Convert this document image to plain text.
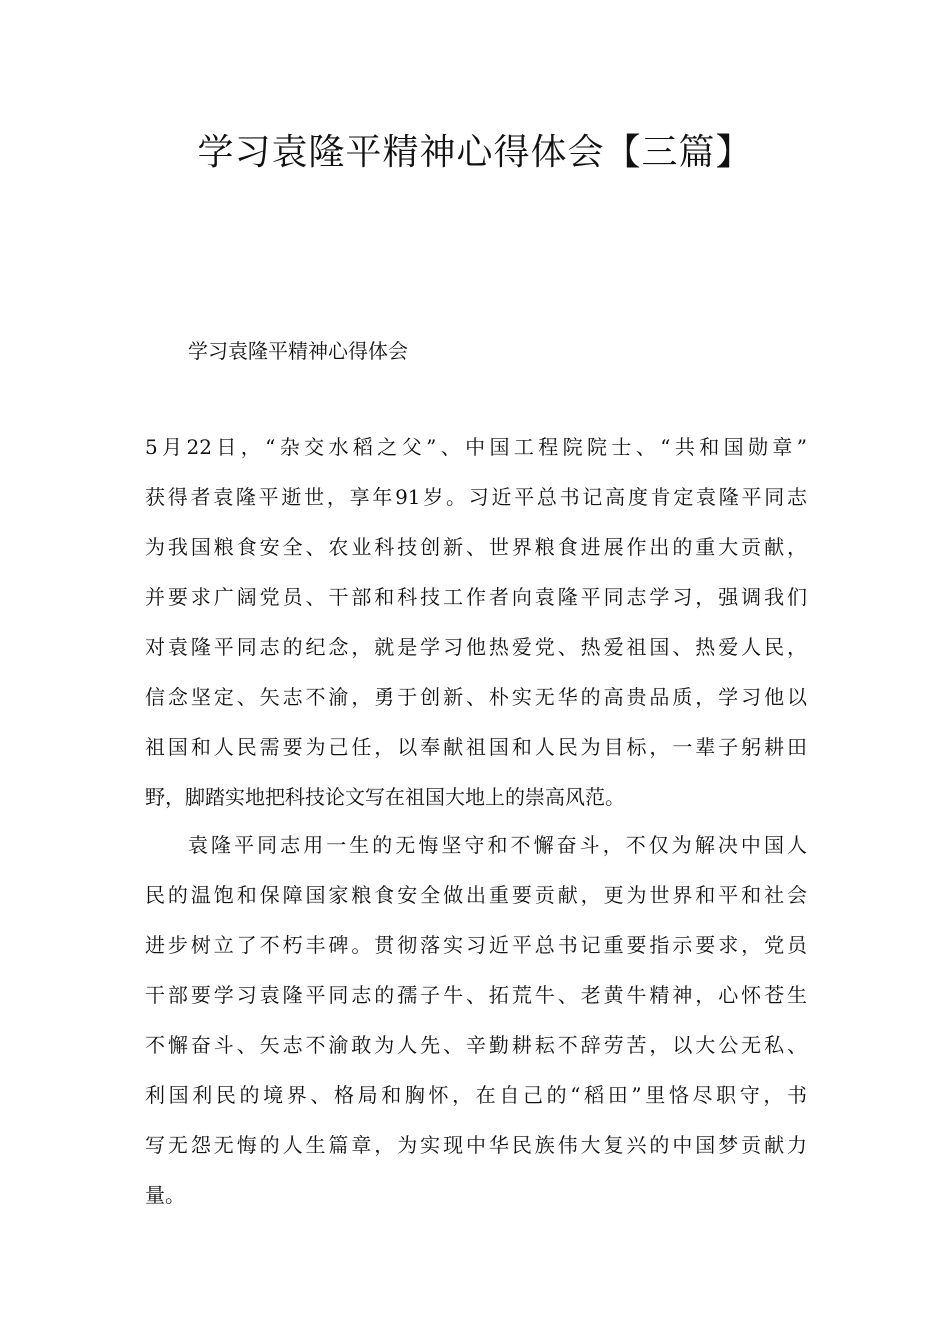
学习袁隆平精神心得体会【三篇】
学习袁隆平精神心得体会
5月22日，“杂交水稻之父”、中国工程院院士、“共和国勋章”
获得者袁隆平逝世，享年91岁。习近平总书记高度肯定袁隆平同志
为我国粮食安全、农业科技创新、世界粮食进展作出的重大贡献，
并要求广阔党员、干部和科技工作者向袁隆平同志学习，强调我们
对袁隆平同志的纪念，就是学习他热爱党、热爱祖国、热爱人民，
信念坚定、矢志不渝，勇于创新、朴实无华的高贵品质，学习他以
祖国和人民需要为己任，以奉献祖国和人民为目标，一辈子躬耕田
野，脚踏实地把科技论文写在祖国大地上的崇高风范。
袁隆平同志用一生的无悔坚守和不懈奋斗，不仅为解决中国人
民的温饱和保障国家粮食安全做出重要贡献，更为世界和平和社会
进步树立了不朽丰碑。贯彻落实习近平总书记重要指示要求，党员
干部要学习袁隆平同志的孺子牛、拓荒牛、老黄牛精神，心怀苍生
不懈奋斗、矢志不渝敢为人先、辛勤耕耘不辞劳苦，以大公无私、
利国利民的境界、格局和胸怀，在自己的“稻田”里恪尽职守，书
写无怨无悔的人生篇章，为实现中华民族伟大复兴的中国梦贡献力
量。
